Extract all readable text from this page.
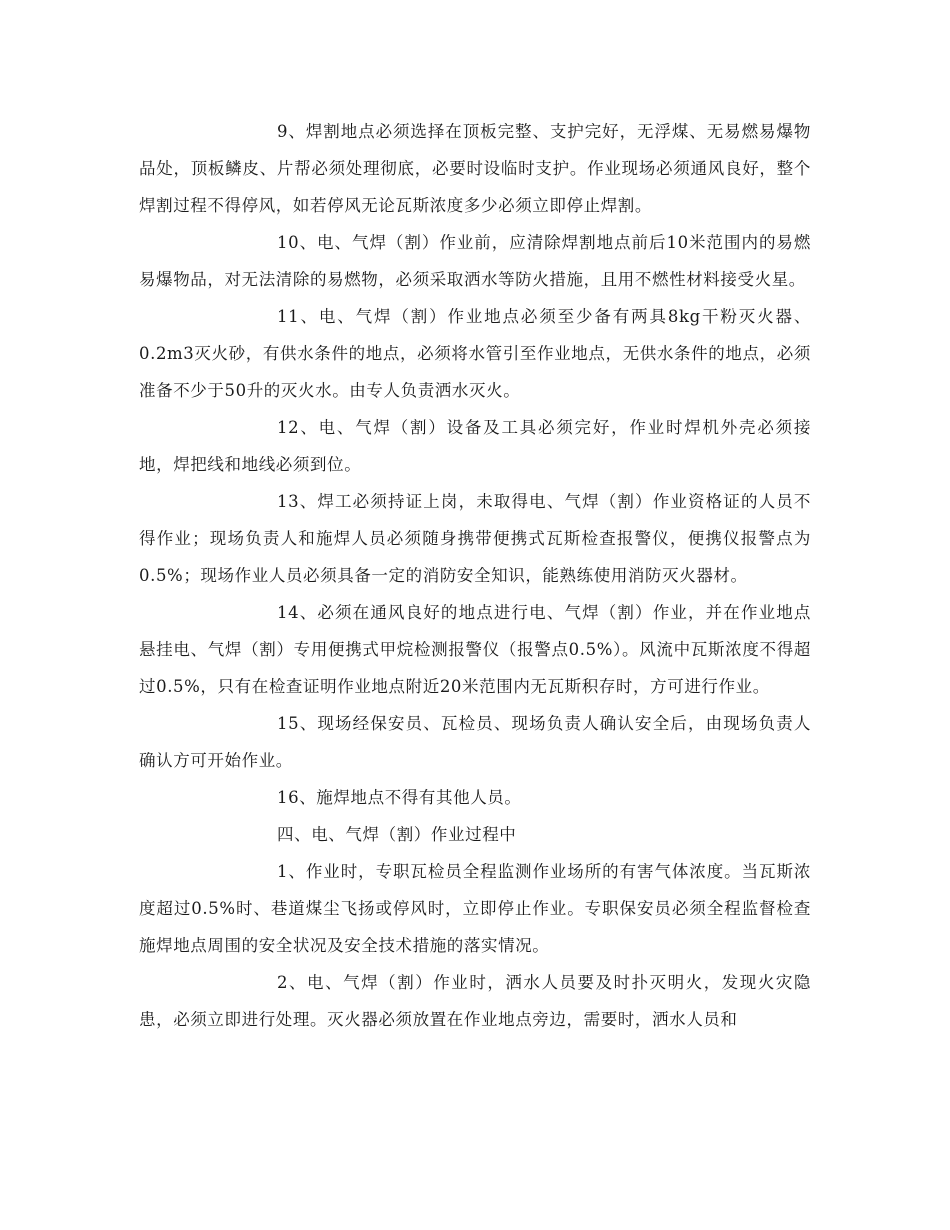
9、焊割地点必须选择在顶板完整、支护完好，无浮煤、无易燃易爆物品处，顶板鳞皮、片帮必须处理彻底，必要时设临时支护。作业现场必须通风良好，整个焊割过程不得停风，如若停风无论瓦斯浓度多少必须立即停止焊割。

10、电、气焊（割）作业前，应清除焊割地点前后10米范围内的易燃易爆物品，对无法清除的易燃物，必须采取洒水等防火措施，且用不燃性材料接受火星。

11、电、气焊（割）作业地点必须至少备有两具8kg干粉灭火器、0.2m3灭火砂，有供水条件的地点，必须将水管引至作业地点，无供水条件的地点，必须准备不少于50升的灭火水。由专人负责洒水灭火。

12、电、气焊（割）设备及工具必须完好，作业时焊机外壳必须接地，焊把线和地线必须到位。

13、焊工必须持证上岗，未取得电、气焊（割）作业资格证的人员不得作业；现场负责人和施焊人员必须随身携带便携式瓦斯检查报警仪，便携仪报警点为0.5%；现场作业人员必须具备一定的消防安全知识，能熟练使用消防灭火器材。

14、必须在通风良好的地点进行电、气焊（割）作业，并在作业地点悬挂电、气焊（割）专用便携式甲烷检测报警仪（报警点0.5%）。风流中瓦斯浓度不得超过0.5%，只有在检查证明作业地点附近20米范围内无瓦斯积存时，方可进行作业。

15、现场经保安员、瓦检员、现场负责人确认安全后，由现场负责人确认方可开始作业。

16、施焊地点不得有其他人员。

四、电、气焊（割）作业过程中

1、作业时，专职瓦检员全程监测作业场所的有害气体浓度。当瓦斯浓度超过0.5%时、巷道煤尘飞扬或停风时，立即停止作业。专职保安员必须全程监督检查施焊地点周围的安全状况及安全技术措施的落实情况。

2、电、气焊（割）作业时，洒水人员要及时扑灭明火，发现火灾隐患，必须立即进行处理。灭火器必须放置在作业地点旁边，需要时，洒水人员和
